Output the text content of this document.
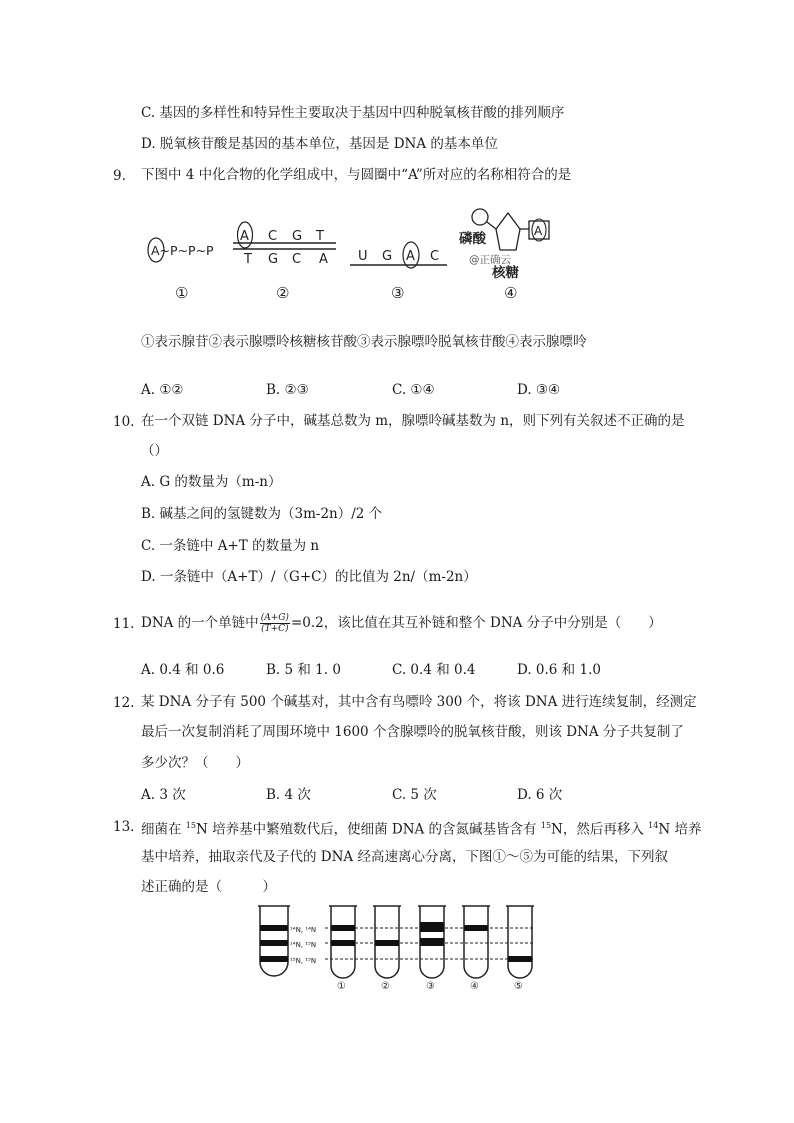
C. 基因的多样性和特异性主要取决于基因中四种脱氧核苷酸的排列顺序
D. 脱氧核苷酸是基因的基本单位，基因是 DNA 的基本单位
9. 下图中 4 中化合物的化学组成中，与圆圈中“A”所对应的名称相符合的是
A~P~P~P
①
A C G T
T G C A
②
U G A C
③
A
磷酸
@正确云
核糖
④
①表示腺苷②表示腺嘌呤核糖核苷酸③表示腺嘌呤脱氧核苷酸④表示腺嘌呤
A. ①②	B. ②③	C. ①④	D. ③④
10. 在一个双链 DNA 分子中，碱基总数为 m，腺嘌呤碱基数为 n，则下列有关叙述不正确的是
（）
A. G 的数量为（m-n）
B. 碱基之间的氢键数为（3m-2n）/2 个
C. 一条链中 A+T 的数量为 n
D. 一条链中（A+T）/（G+C）的比值为 2n/（m-2n）
11. DNA 的一个单链中 $\frac{(A+G)}{(T+C)} =0.2$，该比值在其互补链和整个 DNA 分子中分别是（　　）
A. 0.4 和 0.6	B. 5 和 1. 0	C. 0.4 和 0.4	D. 0.6 和 1.0
12. 某 DNA 分子有 500 个碱基对，其中含有鸟嘌呤 300 个，将该 DNA 进行连续复制，经测定
最后一次复制消耗了周围环境中 1600 个含腺嘌呤的脱氧核苷酸，则该 DNA 分子共复制了
多少次？（　　）
A. 3 次	B. 4 次	C. 5 次	D. 6 次
13. 细菌在 $^{15}$N 培养基中繁殖数代后，使细菌 DNA 的含氮碱基皆含有 $^{15}$N，然后再移入 $^{14}$N 培养
基中培养，抽取亲代及子代的 DNA 经高速离心分离，下图①～⑤为可能的结果，下列叙
述正确的是（　　　）
¹⁴N, ¹⁴N
¹⁴N, ¹⁵N
¹⁵N, ¹⁵N
①	②	③	④	⑤
